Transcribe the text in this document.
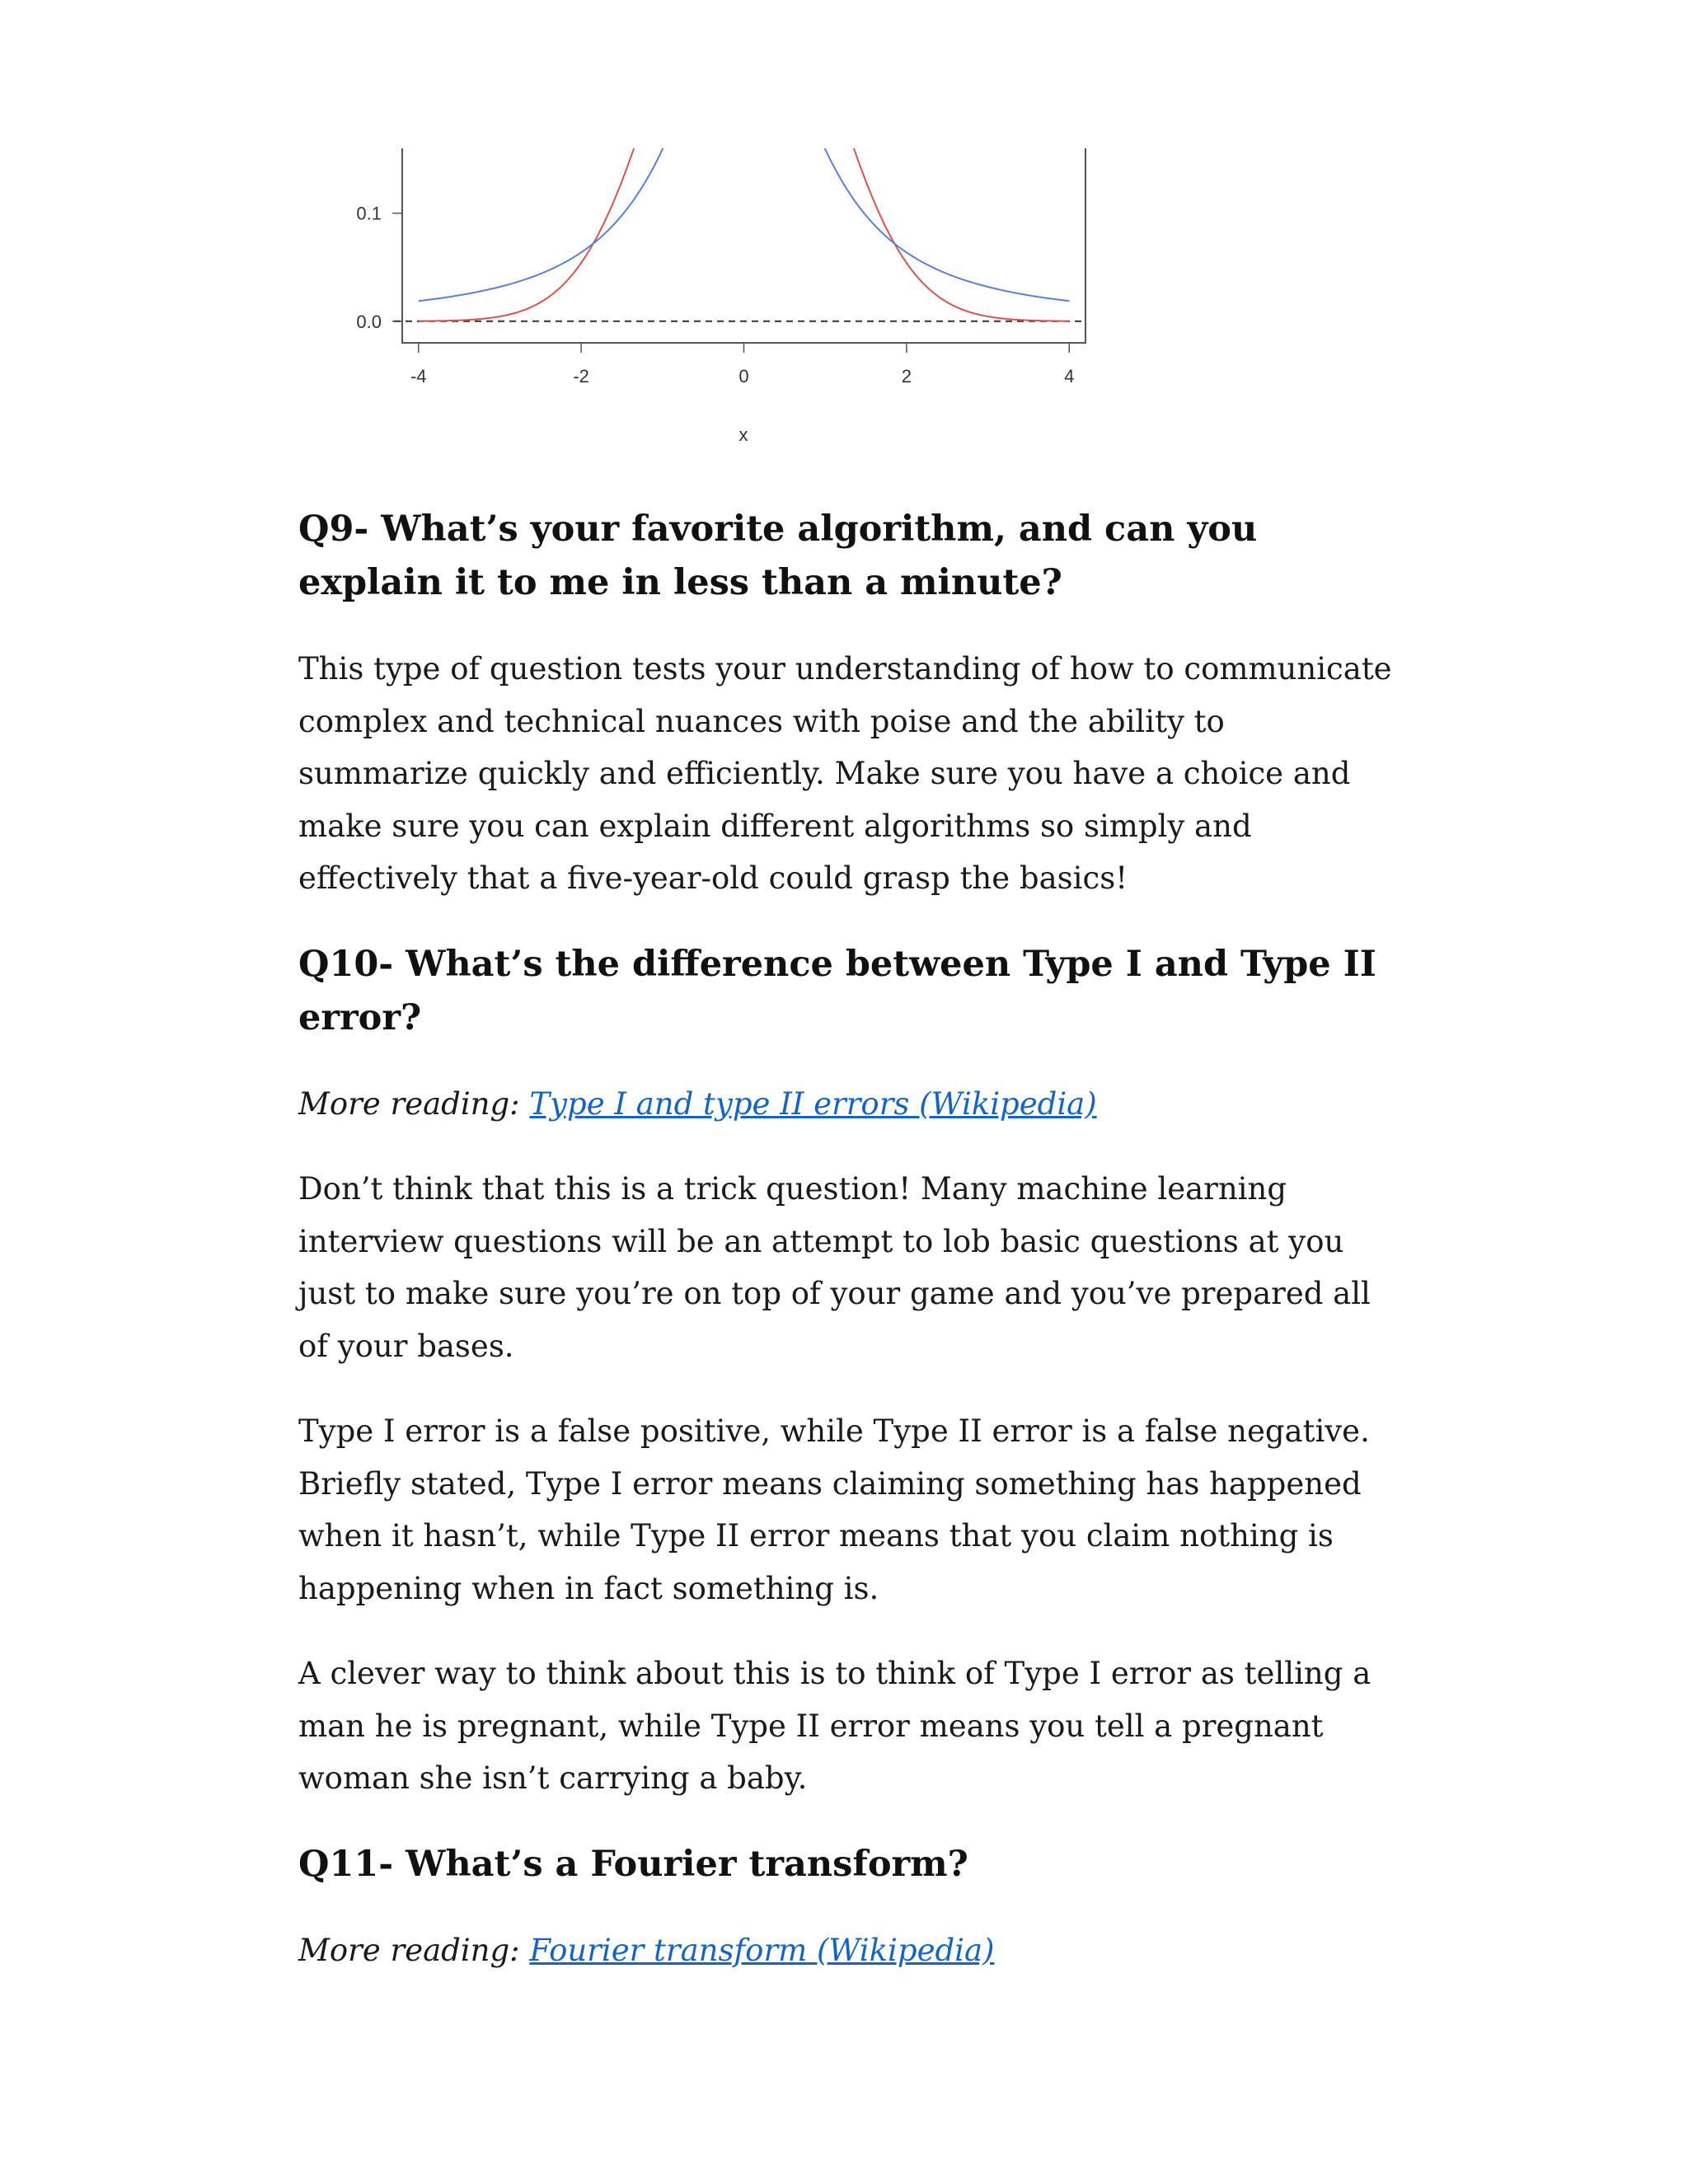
-4	-2	0	2	4
0.0
0.1
x
Q9- What’s your favorite algorithm, and can you explain it to me in less than a minute?

This type of question tests your understanding of how to communicate complex and technical nuances with poise and the ability to summarize quickly and efficiently. Make sure you have a choice and make sure you can explain different algorithms so simply and effectively that a five-year-old could grasp the basics!

Q10- What’s the difference between Type I and Type II error?

More reading: Type I and type II errors (Wikipedia)

Don’t think that this is a trick question! Many machine learning interview questions will be an attempt to lob basic questions at you just to make sure you’re on top of your game and you’ve prepared all of your bases.

Type I error is a false positive, while Type II error is a false negative. Briefly stated, Type I error means claiming something has happened when it hasn’t, while Type II error means that you claim nothing is happening when in fact something is.

A clever way to think about this is to think of Type I error as telling a man he is pregnant, while Type II error means you tell a pregnant woman she isn’t carrying a baby.

Q11- What’s a Fourier transform?

More reading: Fourier transform (Wikipedia)
